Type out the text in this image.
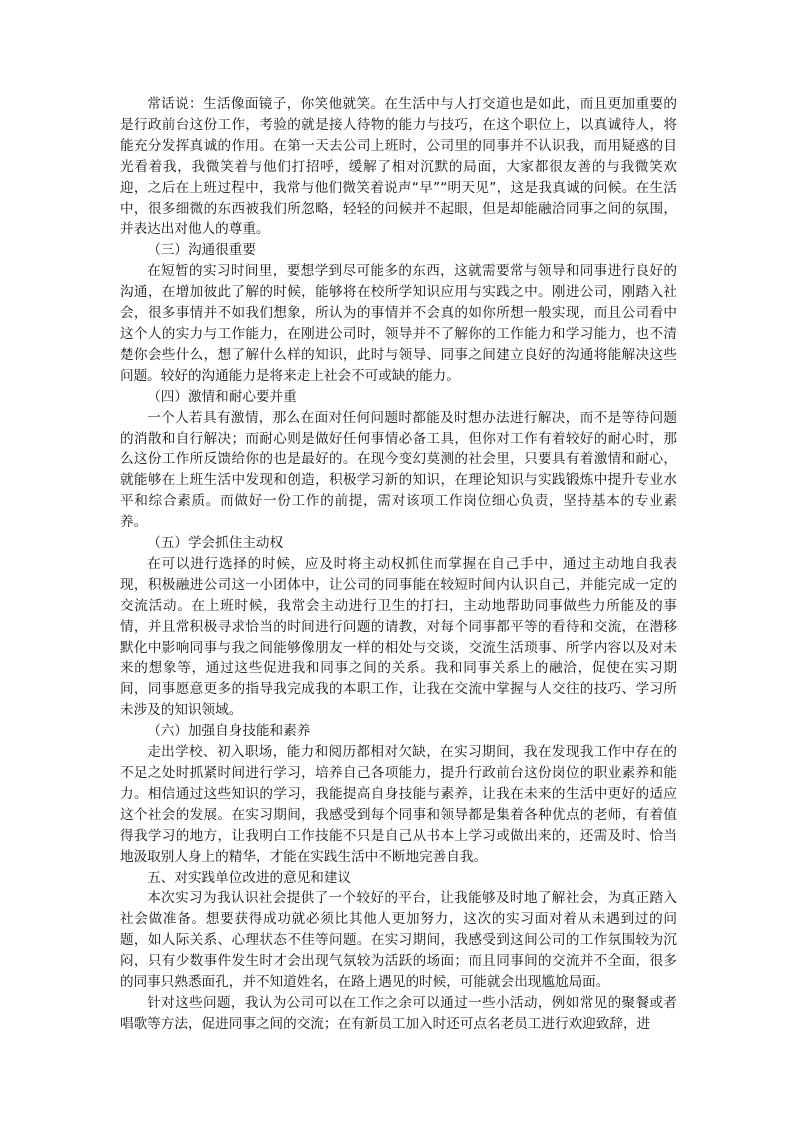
常话说：生活像面镜子，你笑他就笑。在生活中与人打交道也是如此，而且更加重要的是行政前台这份工作，考验的就是接人待物的能力与技巧，在这个职位上，以真诚待人，将能充分发挥真诚的作用。在第一天去公司上班时，公司里的同事并不认识我，而用疑惑的目光看着我，我微笑着与他们打招呼，缓解了相对沉默的局面，大家都很友善的与我微笑欢迎，之后在上班过程中，我常与他们微笑着说声“早”“明天见”，这是我真诚的问候。在生活中，很多细微的东西被我们所忽略，轻轻的问候并不起眼，但是却能融洽同事之间的氛围，并表达出对他人的尊重。

（三）沟通很重要

在短暂的实习时间里，要想学到尽可能多的东西，这就需要常与领导和同事进行良好的沟通，在增加彼此了解的时候，能够将在校所学知识应用与实践之中。刚进公司，刚踏入社会，很多事情并不如我们想象，所认为的事情并不会真的如你所想一般实现，而且公司看中这个人的实力与工作能力，在刚进公司时，领导并不了解你的工作能力和学习能力，也不清楚你会些什么，想了解什么样的知识，此时与领导、同事之间建立良好的沟通将能解决这些问题。较好的沟通能力是将来走上社会不可或缺的能力。

（四）激情和耐心要并重

一个人若具有激情，那么在面对任何问题时都能及时想办法进行解决，而不是等待问题的消散和自行解决；而耐心则是做好任何事情必备工具，但你对工作有着较好的耐心时，那么这份工作所反馈给你的也是最好的。在现今变幻莫测的社会里，只要具有着激情和耐心，就能够在上班生活中发现和创造，积极学习新的知识，在理论知识与实践锻炼中提升专业水平和综合素质。而做好一份工作的前提，需对该项工作岗位细心负责，坚持基本的专业素养。

（五）学会抓住主动权

在可以进行选择的时候，应及时将主动权抓住而掌握在自己手中，通过主动地自我表现，积极融进公司这一小团体中，让公司的同事能在较短时间内认识自己，并能完成一定的交流活动。在上班时候，我常会主动进行卫生的打扫，主动地帮助同事做些力所能及的事情，并且常积极寻求恰当的时间进行问题的请教，对每个同事都平等的看待和交流，在潜移默化中影响同事与我之间能够像朋友一样的相处与交谈，交流生活琐事、所学内容以及对未来的想象等，通过这些促进我和同事之间的关系。我和同事关系上的融洽，促使在实习期间，同事愿意更多的指导我完成我的本职工作，让我在交流中掌握与人交往的技巧、学习所未涉及的知识领域。

（六）加强自身技能和素养

走出学校、初入职场，能力和阅历都相对欠缺，在实习期间，我在发现我工作中存在的不足之处时抓紧时间进行学习，培养自己各项能力，提升行政前台这份岗位的职业素养和能力。相信通过这些知识的学习，我能提高自身技能与素养，让我在未来的生活中更好的适应这个社会的发展。在实习期间，我感受到每个同事和领导都是集着各种优点的老师，有着值得我学习的地方，让我明白工作技能不只是自己从书本上学习或做出来的，还需及时、恰当地汲取别人身上的精华，才能在实践生活中不断地完善自我。

五、对实践单位改进的意见和建议

本次实习为我认识社会提供了一个较好的平台，让我能够及时地了解社会，为真正踏入社会做准备。想要获得成功就必须比其他人更加努力，这次的实习面对着从未遇到过的问题，如人际关系、心理状态不佳等问题。在实习期间，我感受到这间公司的工作氛围较为沉闷，只有少数事件发生时才会出现气氛较为活跃的场面；而且同事间的交流并不全面，很多的同事只熟悉面孔，并不知道姓名，在路上遇见的时候，可能就会出现尴尬局面。

针对这些问题，我认为公司可以在工作之余可以通过一些小活动，例如常见的聚餐或者唱歌等方法，促进同事之间的交流；在有新员工加入时还可点名老员工进行欢迎致辞，进
